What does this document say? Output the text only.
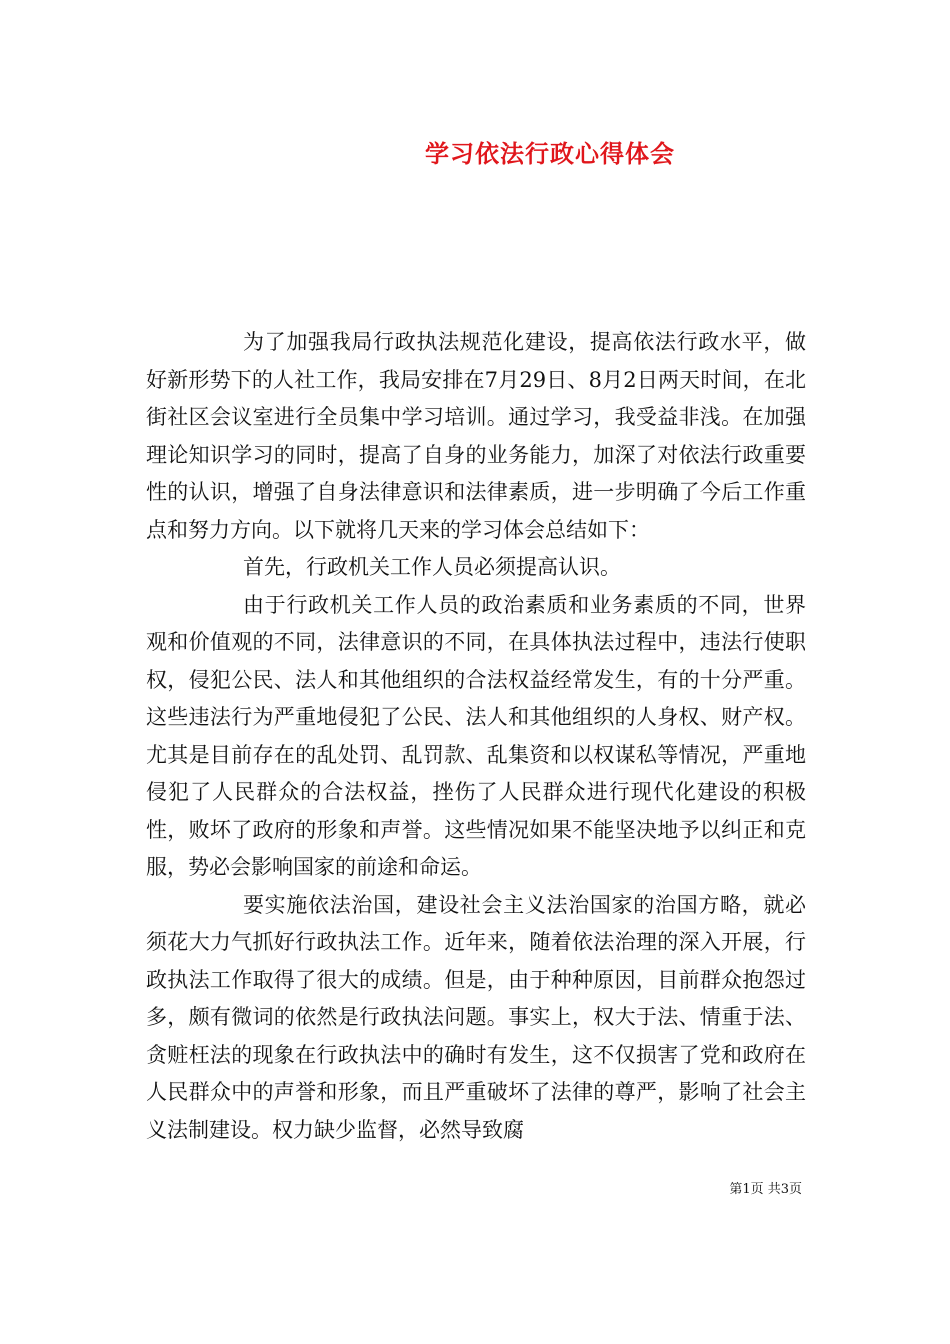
学习依法行政心得体会

为了加强我局行政执法规范化建设，提高依法行政水平，做好新形势下的人社工作，我局安排在7月29日、8月2日两天时间，在北街社区会议室进行全员集中学习培训。通过学习，我受益非浅。在加强理论知识学习的同时，提高了自身的业务能力，加深了对依法行政重要性的认识，增强了自身法律意识和法律素质，进一步明确了今后工作重点和努力方向。以下就将几天来的学习体会总结如下：

首先，行政机关工作人员必须提高认识。

由于行政机关工作人员的政治素质和业务素质的不同，世界观和价值观的不同，法律意识的不同，在具体执法过程中，违法行使职权，侵犯公民、法人和其他组织的合法权益经常发生，有的十分严重。这些违法行为严重地侵犯了公民、法人和其他组织的人身权、财产权。尤其是目前存在的乱处罚、乱罚款、乱集资和以权谋私等情况，严重地侵犯了人民群众的合法权益，挫伤了人民群众进行现代化建设的积极性，败坏了政府的形象和声誉。这些情况如果不能坚决地予以纠正和克服，势必会影响国家的前途和命运。

要实施依法治国，建设社会主义法治国家的治国方略，就必须花大力气抓好行政执法工作。近年来，随着依法治理的深入开展，行政执法工作取得了很大的成绩。但是，由于种种原因，目前群众抱怨过多，颇有微词的依然是行政执法问题。事实上，权大于法、情重于法、贪赃枉法的现象在行政执法中的确时有发生，这不仅损害了党和政府在人民群众中的声誉和形象，而且严重破坏了法律的尊严，影响了社会主义法制建设。权力缺少监督，必然导致腐

第1页 共3页
